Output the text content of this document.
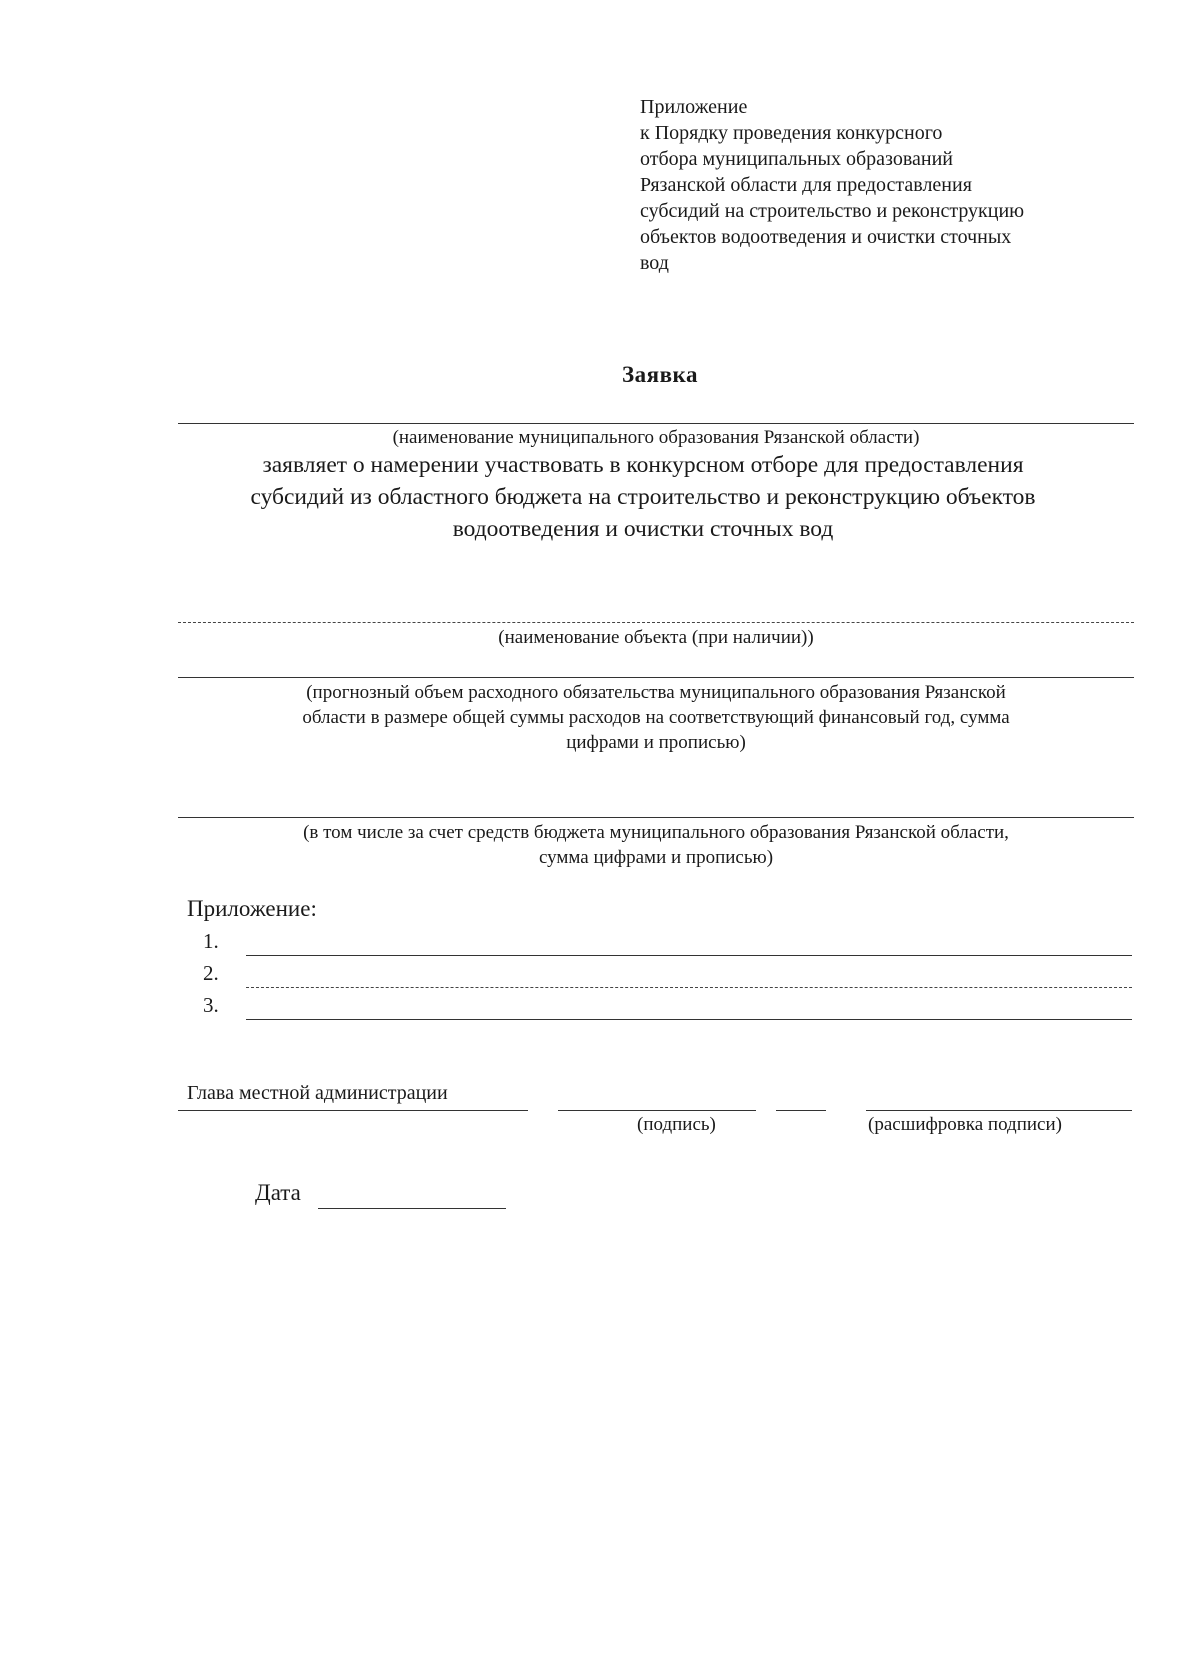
Приложение
к Порядку проведения конкурсного
отбора муниципальных образований
Рязанской области для предоставления
субсидий на строительство и реконструкцию
объектов водоотведения и очистки сточных
вод
Заявка
(наименование муниципального образования Рязанской области)
заявляет о намерении участвовать в конкурсном отборе для предоставления
субсидий из областного бюджета на строительство и реконструкцию объектов
водоотведения и очистки сточных вод
(наименование объекта (при наличии))
(прогнозный объем расходного обязательства муниципального образования Рязанской
области в размере общей суммы расходов на соответствующий финансовый год, сумма
цифрами и прописью)
(в том числе за счет средств бюджета муниципального образования Рязанской области,
сумма цифрами и прописью)
Приложение:
1.
2.
3.
Глава местной администрации
(подпись)	(расшифровка подписи)
Дата
